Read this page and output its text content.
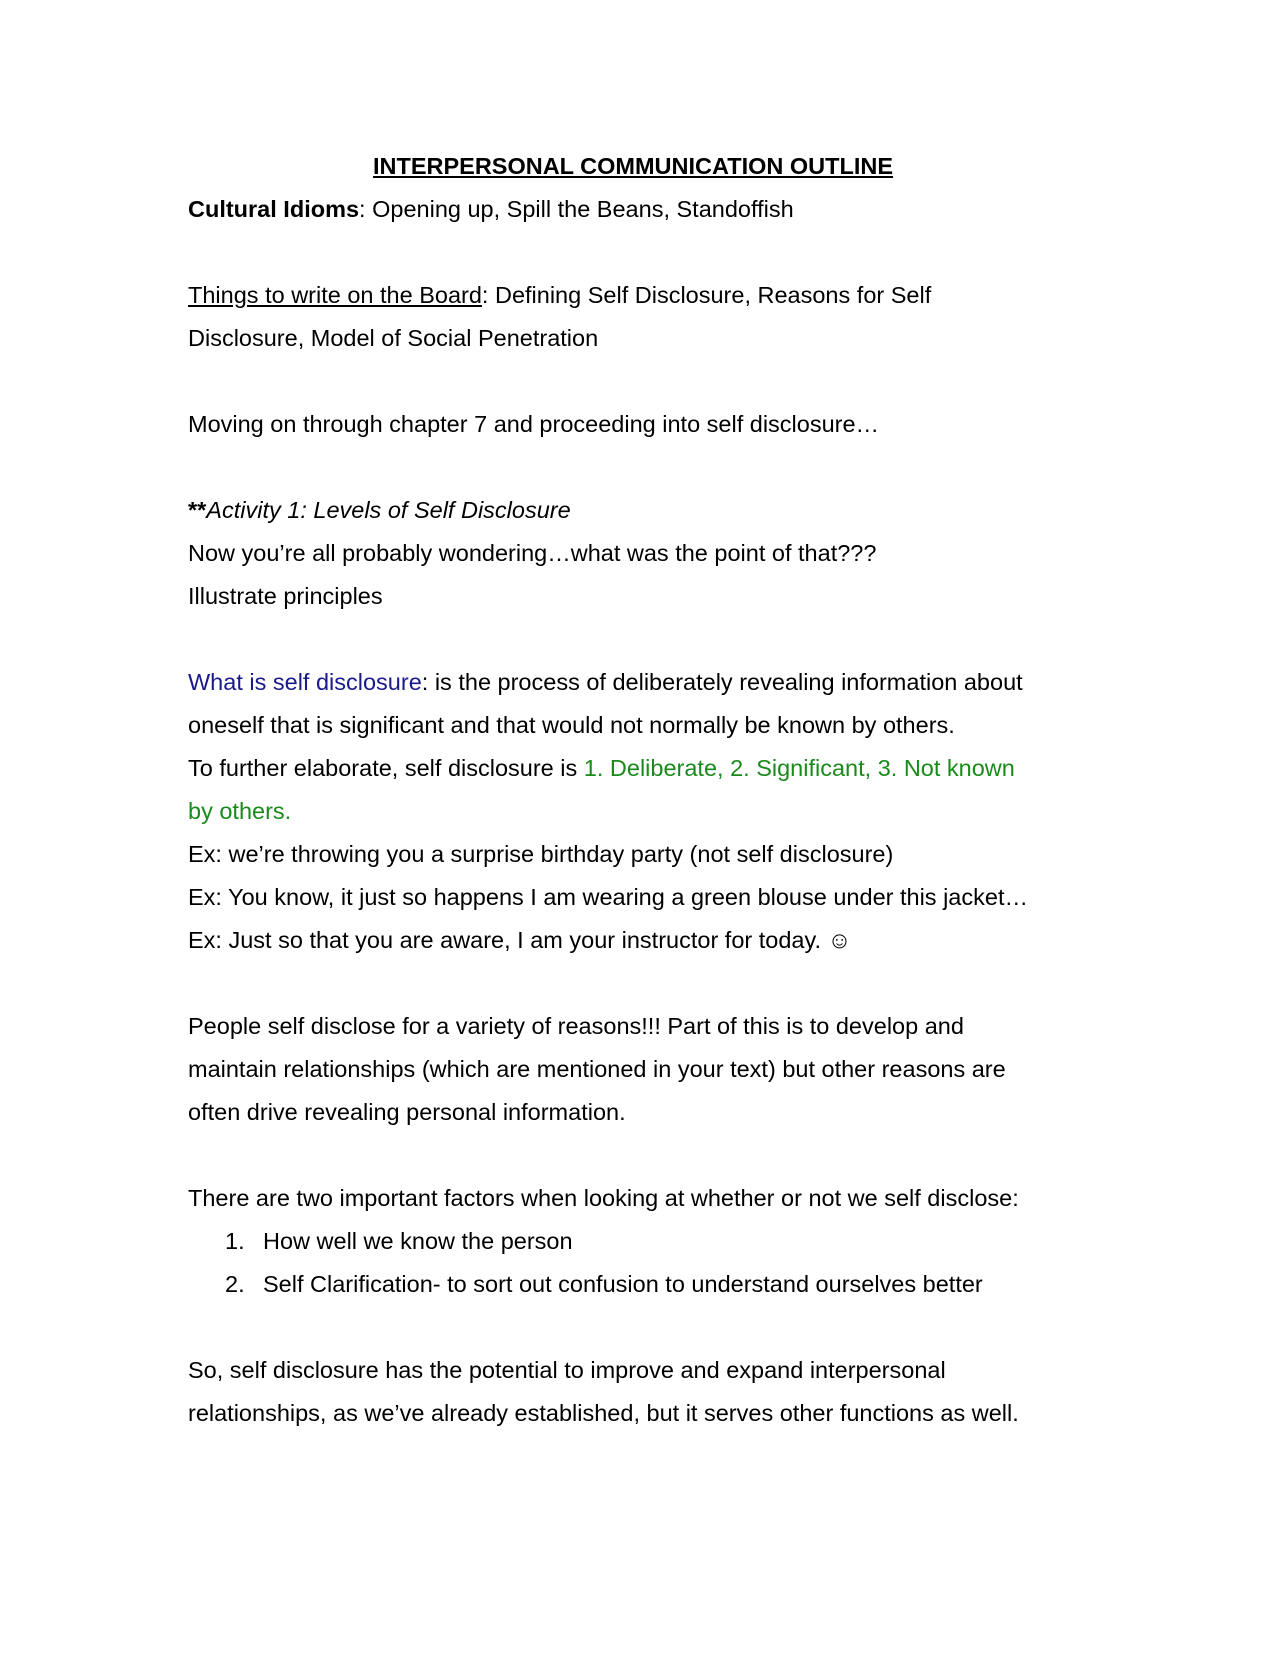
INTERPERSONAL COMMUNICATION OUTLINE
Cultural Idioms: Opening up, Spill the Beans, Standoffish
Things to write on the Board: Defining Self Disclosure, Reasons for Self
Disclosure, Model of Social Penetration
Moving on through chapter 7 and proceeding into self disclosure…
**Activity 1: Levels of Self Disclosure
Now you’re all probably wondering…what was the point of that???
Illustrate principles
What is self disclosure: is the process of deliberately revealing information about
oneself that is significant and that would not normally be known by others.
To further elaborate, self disclosure is 1. Deliberate, 2. Significant, 3. Not known
by others.
Ex: we’re throwing you a surprise birthday party (not self disclosure)
Ex: You know, it just so happens I am wearing a green blouse under this jacket…
Ex: Just so that you are aware, I am your instructor for today. ☺
People self disclose for a variety of reasons!!! Part of this is to develop and
maintain relationships (which are mentioned in your text) but other reasons are
often drive revealing personal information.
There are two important factors when looking at whether or not we self disclose:
1. How well we know the person
2. Self Clarification- to sort out confusion to understand ourselves better
So, self disclosure has the potential to improve and expand interpersonal
relationships, as we’ve already established, but it serves other functions as well.
